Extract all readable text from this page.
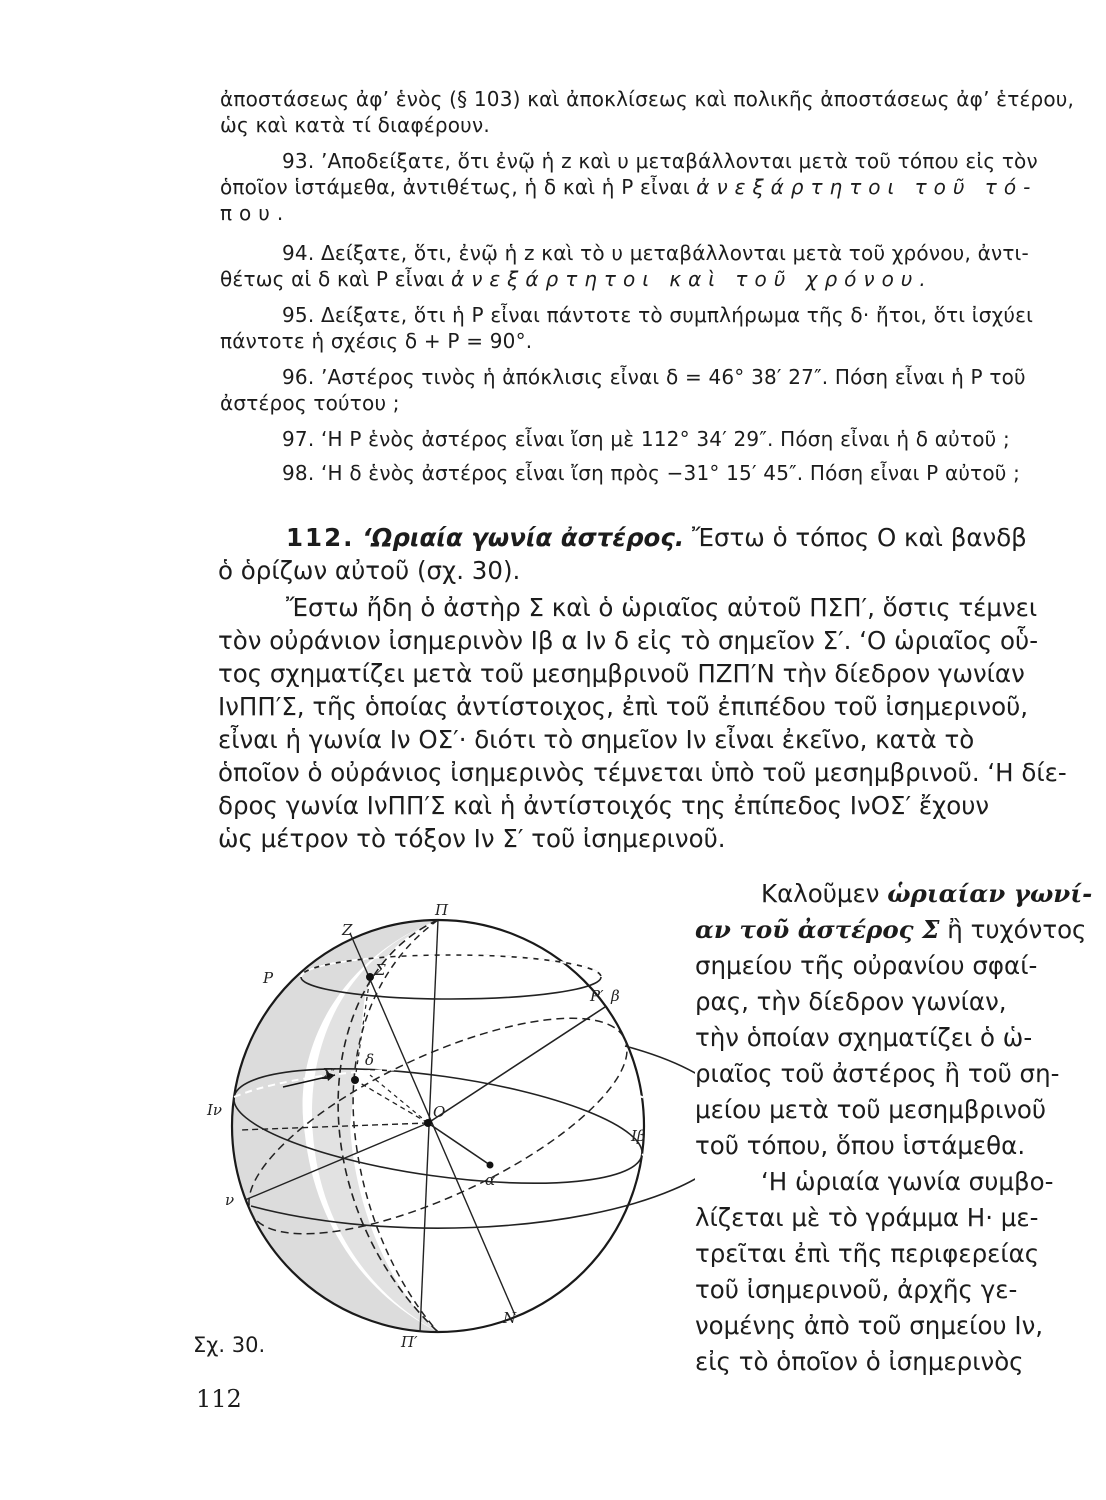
ἀποστάσεως ἀφ’ ἑνὸς (§ 103) καὶ ἀποκλίσεως καὶ πολικῆς ἀποστάσεως ἀφ’ ἑτέρου,
ὡς καὶ κατὰ τί διαφέρουν.
93. ’Αποδείξατε, ὅτι ἐνῷ ἡ z καὶ υ μεταβάλλονται μετὰ τοῦ τόπου εἰς τὸν
ὁποῖον ἱστάμεθα, ἀντιθέτως, ἡ δ καὶ ἡ Ρ εἶναι ἀνεξάρτητοι τοῦ τό-
που.
94. Δείξατε, ὅτι, ἐνῷ ἡ z καὶ τὸ υ μεταβάλλονται μετὰ τοῦ χρόνου, ἀντι-
θέτως αἱ δ καὶ Ρ εἶναι ἀνεξάρτητοι καὶ τοῦ χρόνου.
95. Δείξατε, ὅτι ἡ Ρ εἶναι πάντοτε τὸ συμπλήρωμα τῆς δ· ἤτοι, ὅτι ἰσχύει
πάντοτε ἡ σχέσις δ + Ρ = 90°.
96. ’Αστέρος τινὸς ἡ ἀπόκλισις εἶναι δ = 46° 38′ 27″. Πόση εἶναι ἡ Ρ τοῦ
ἀστέρος τούτου ;
97. ‘Η Ρ ἑνὸς ἀστέρος εἶναι ἴση μὲ 112° 34′ 29″. Πόση εἶναι ἡ δ αὐτοῦ ;
98. ‘Η δ ἑνὸς ἀστέρος εἶναι ἴση πρὸς −31° 15′ 45″. Πόση εἶναι Ρ αὐτοῦ ;
112. ‘Ωριαία γωνία ἀστέρος. Ἔστω ὁ τόπος Ο καὶ βανδβ
ὁ ὁρίζων αὐτοῦ (σχ. 30).
Ἔστω ἤδη ὁ ἀστὴρ Σ καὶ ὁ ὡριαῖος αὐτοῦ ΠΣΠ′, ὅστις τέμνει
τὸν οὐράνιον ἰσημερινὸν Ιβ α Ιν δ εἰς τὸ σημεῖον Σ′. ‘Ο ὡριαῖος οὗ-
τος σχηματίζει μετὰ τοῦ μεσημβρινοῦ ΠΖΠ′Ν τὴν δίεδρον γωνίαν
ΙνΠΠ′Σ, τῆς ὁποίας ἀντίστοιχος, ἐπὶ τοῦ ἐπιπέδου τοῦ ἰσημερινοῦ,
εἶναι ἡ γωνία Ιν ΟΣ′· διότι τὸ σημεῖον Ιν εἶναι ἐκεῖνο, κατὰ τὸ
ὁποῖον ὁ οὐράνιος ἰσημερινὸς τέμνεται ὑπὸ τοῦ μεσημβρινοῦ. ‘Η δίε-
δρος γωνία ΙνΠΠ′Σ καὶ ἡ ἀντίστοιχός της ἐπίπεδος ΙνΟΣ′ ἔχουν
ὡς μέτρον τὸ τόξον Ιν Σ′ τοῦ ἰσημερινοῦ.
Καλοῦμεν ὡριαίαν γωνί-
αν τοῦ ἀστέρος Σ ἢ τυχόντος
σημείου τῆς οὐρανίου σφαί-
ρας, τὴν δίεδρον γωνίαν,
τὴν ὁποίαν σχηματίζει ὁ ὡ-
ριαῖος τοῦ ἀστέρος ἢ τοῦ ση-
μείου μετὰ τοῦ μεσημβρινοῦ
τοῦ τόπου, ὅπου ἱστάμεθα.
‘Η ὡριαία γωνία συμβο-
λίζεται μὲ τὸ γράμμα Η· με-
τρεῖται ἐπὶ τῆς περιφερείας
τοῦ ἰσημερινοῦ, ἀρχῆς γε-
νομένης ἀπὸ τοῦ σημείου Ιν,
εἰς τὸ ὁποῖον ὁ ἰσημερινὸς
Π
Z
Σ
Ρ
Ρ′ β
δ
Σ′
Ο
Iν
Iβ
α
Ν
ν
Π′
Σχ. 30.
112
